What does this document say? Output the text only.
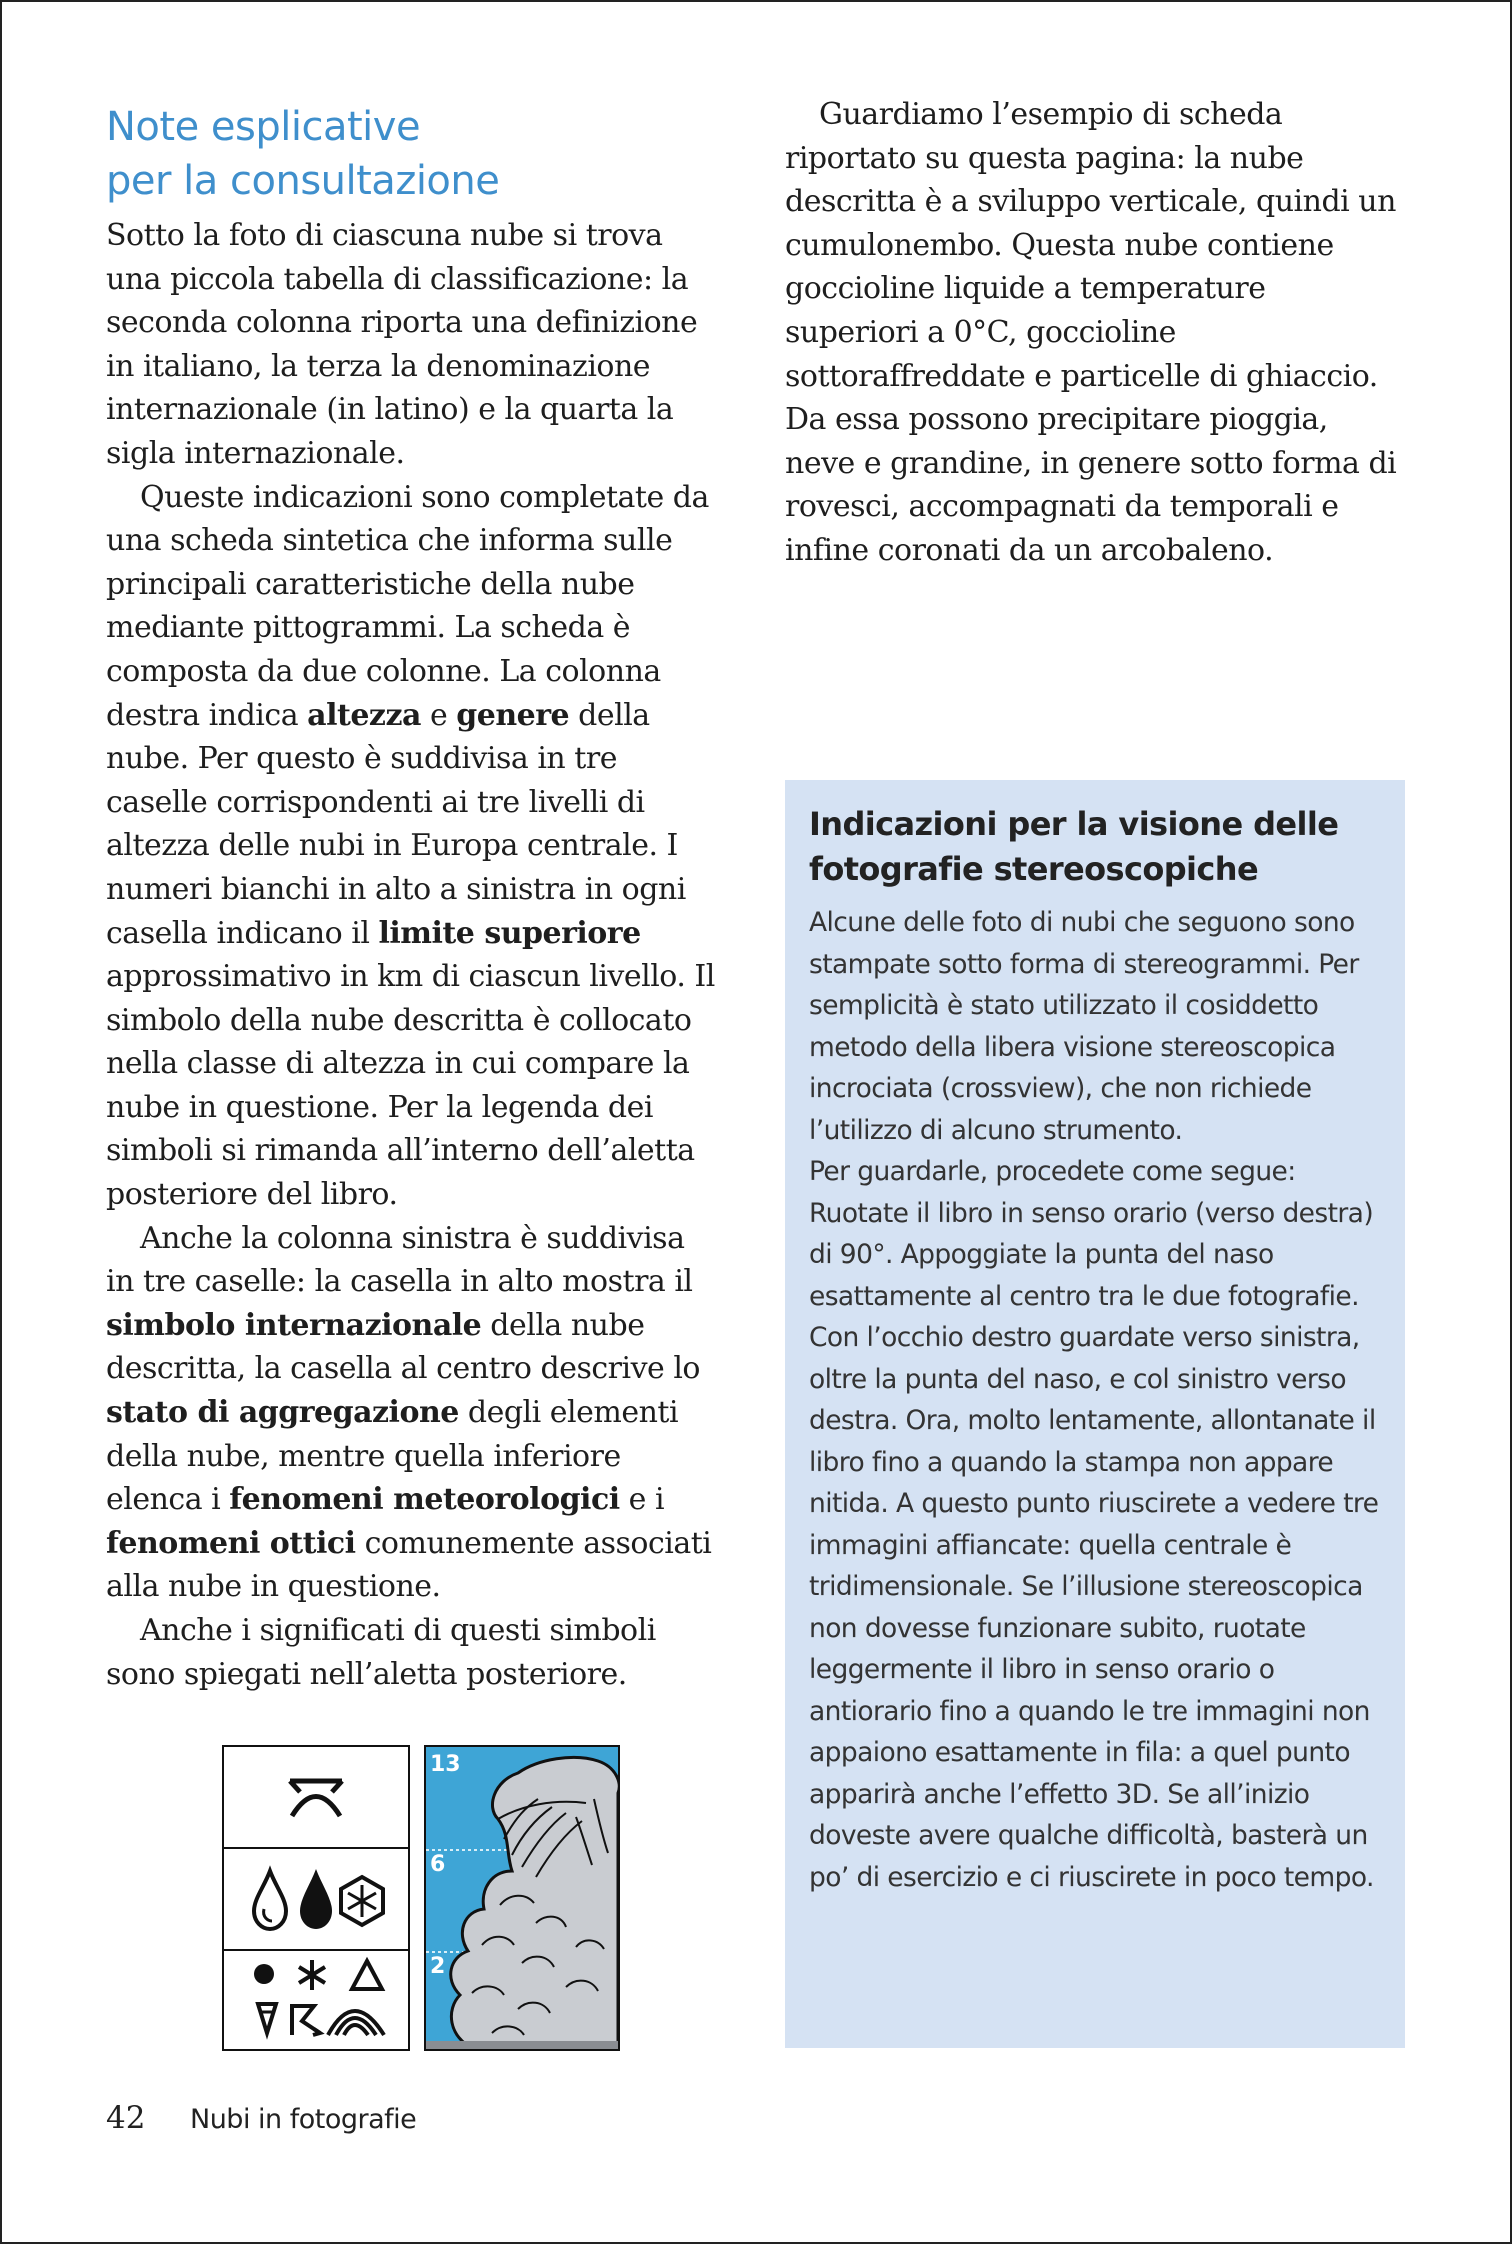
Note esplicative
per la consultazione

Sotto la foto di ciascuna nube si trova una piccola tabella di classificazione: la seconda colonna riporta una definizione in italiano, la terza la denominazione internazionale (in latino) e la quarta la sigla internazionale.

Queste indicazioni sono completate da una scheda sintetica che informa sulle principali caratteristiche della nube mediante pittogrammi. La scheda è composta da due colonne. La colonna destra indica altezza e genere della nube. Per questo è suddivisa in tre caselle corrispondenti ai tre livelli di altezza delle nubi in Europa centrale. I numeri bianchi in alto a sinistra in ogni casella indicano il limite superiore approssimativo in km di ciascun livello. Il simbolo della nube descritta è collocato nella classe di altezza in cui compare la nube in questione. Per la legenda dei simboli si rimanda all’interno dell’aletta posteriore del libro.

Anche la colonna sinistra è suddivisa in tre caselle: la casella in alto mostra il simbolo internazionale della nube descritta, la casella al centro descrive lo stato di aggregazione degli elementi della nube, mentre quella inferiore elenca i fenomeni meteorologici e i fenomeni ottici comunemente associati alla nube in questione.

Anche i significati di questi simboli sono spiegati nell’aletta posteriore.

Guardiamo l’esempio di scheda riportato su questa pagina: la nube descritta è a sviluppo verticale, quindi un cumulonembo. Questa nube contiene goccioline liquide a temperature superiori a 0°C, goccioline sottoraffreddate e particelle di ghiaccio. Da essa possono precipitare pioggia, neve e grandine, in genere sotto forma di rovesci, accompagnati da temporali e infine coronati da un arcobaleno.

Indicazioni per la visione delle fotografie stereoscopiche

Alcune delle foto di nubi che seguono sono stampate sotto forma di stereogrammi. Per semplicità è stato utilizzato il cosiddetto metodo della libera visione stereoscopica incrociata (crossview), che non richiede l’utilizzo di alcuno strumento.

Per guardarle, procedete come segue: Ruotate il libro in senso orario (verso destra) di 90°. Appoggiate la punta del naso esattamente al centro tra le due fotografie. Con l’occhio destro guardate verso sinistra, oltre la punta del naso, e col sinistro verso destra. Ora, molto lentamente, allontanate il libro fino a quando la stampa non appare nitida. A questo punto riuscirete a vedere tre immagini affiancate: quella centrale è tridimensionale. Se l’illusione stereoscopica non dovesse funzionare subito, ruotate leggermente il libro in senso orario o antiorario fino a quando le tre immagini non appaiono esattamente in fila: a quel punto apparirà anche l’effetto 3D. Se all’inizio doveste avere qualche difficoltà, basterà un po’ di esercizio e ci riuscirete in poco tempo.

13
6
2
42 Nubi in fotografie
